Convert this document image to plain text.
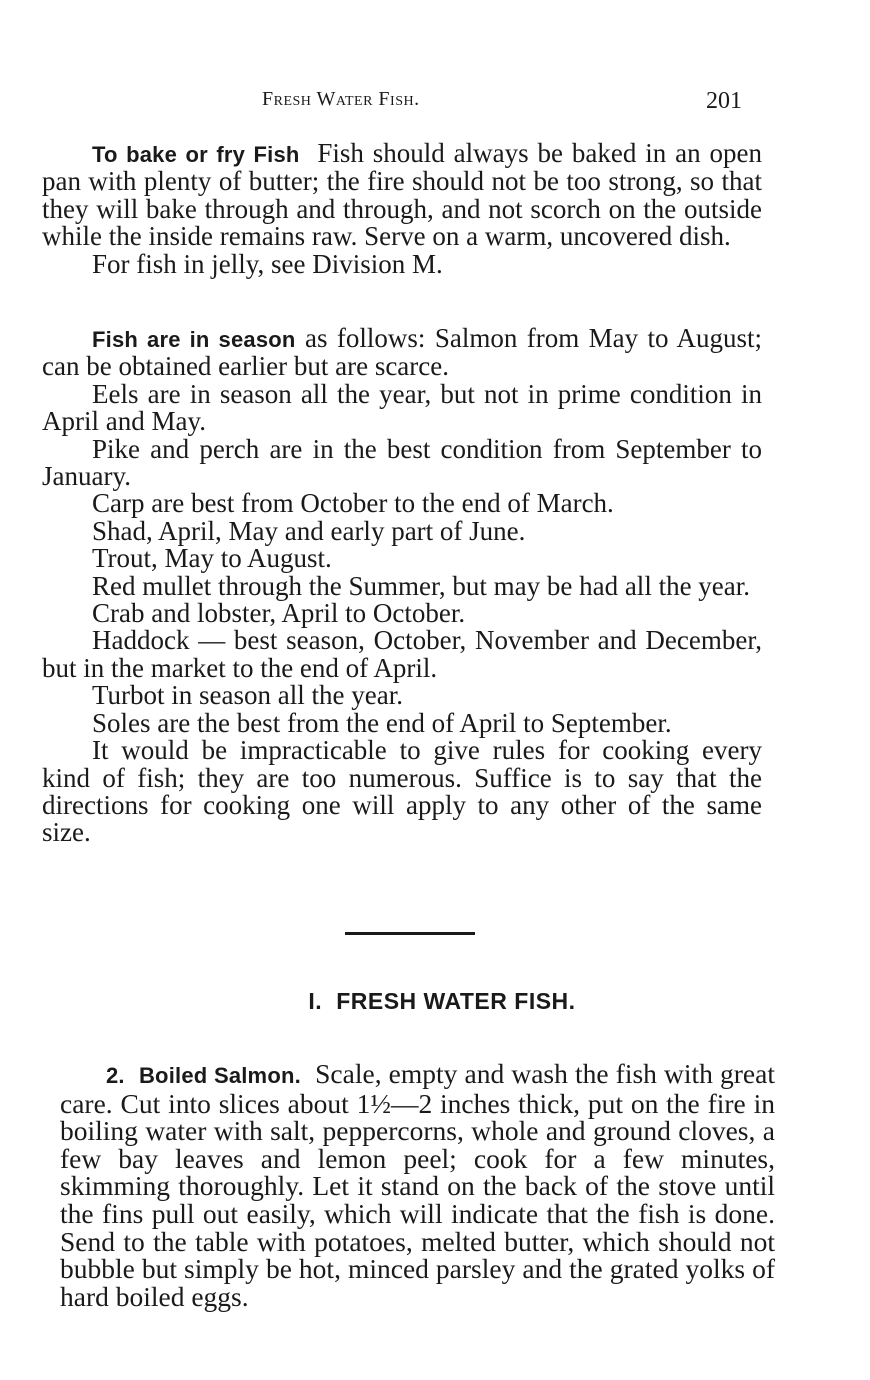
Fresh Water Fish.	201

To bake or fry Fish Fish should always be baked in an open pan with plenty of butter; the fire should not be too strong, so that they will bake through and through, and not scorch on the outside while the inside remains raw. Serve on a warm, uncovered dish.

For fish in jelly, see Division M.

Fish are in season as follows: Salmon from May to August; can be obtained earlier but are scarce.

Eels are in season all the year, but not in prime condition in April and May.

Pike and perch are in the best condition from September to January.

Carp are best from October to the end of March.

Shad, April, May and early part of June.

Trout, May to August.

Red mullet through the Summer, but may be had all the year.

Crab and lobster, April to October.

Haddock — best season, October, November and December, but in the market to the end of April.

Turbot in season all the year.

Soles are the best from the end of April to September.

It would be impracticable to give rules for cooking every kind of fish; they are too numerous. Suffice is to say that the directions for cooking one will apply to any other of the same size.

I. FRESH WATER FISH.

2. Boiled Salmon. Scale, empty and wash the fish with great care. Cut into slices about 1½—2 inches thick, put on the fire in boiling water with salt, peppercorns, whole and ground cloves, a few bay leaves and lemon peel; cook for a few minutes, skimming thoroughly. Let it stand on the back of the stove until the fins pull out easily, which will indicate that the fish is done. Send to the table with potatoes, melted butter, which should not bubble but simply be hot, minced parsley and the grated yolks of hard boiled eggs.
